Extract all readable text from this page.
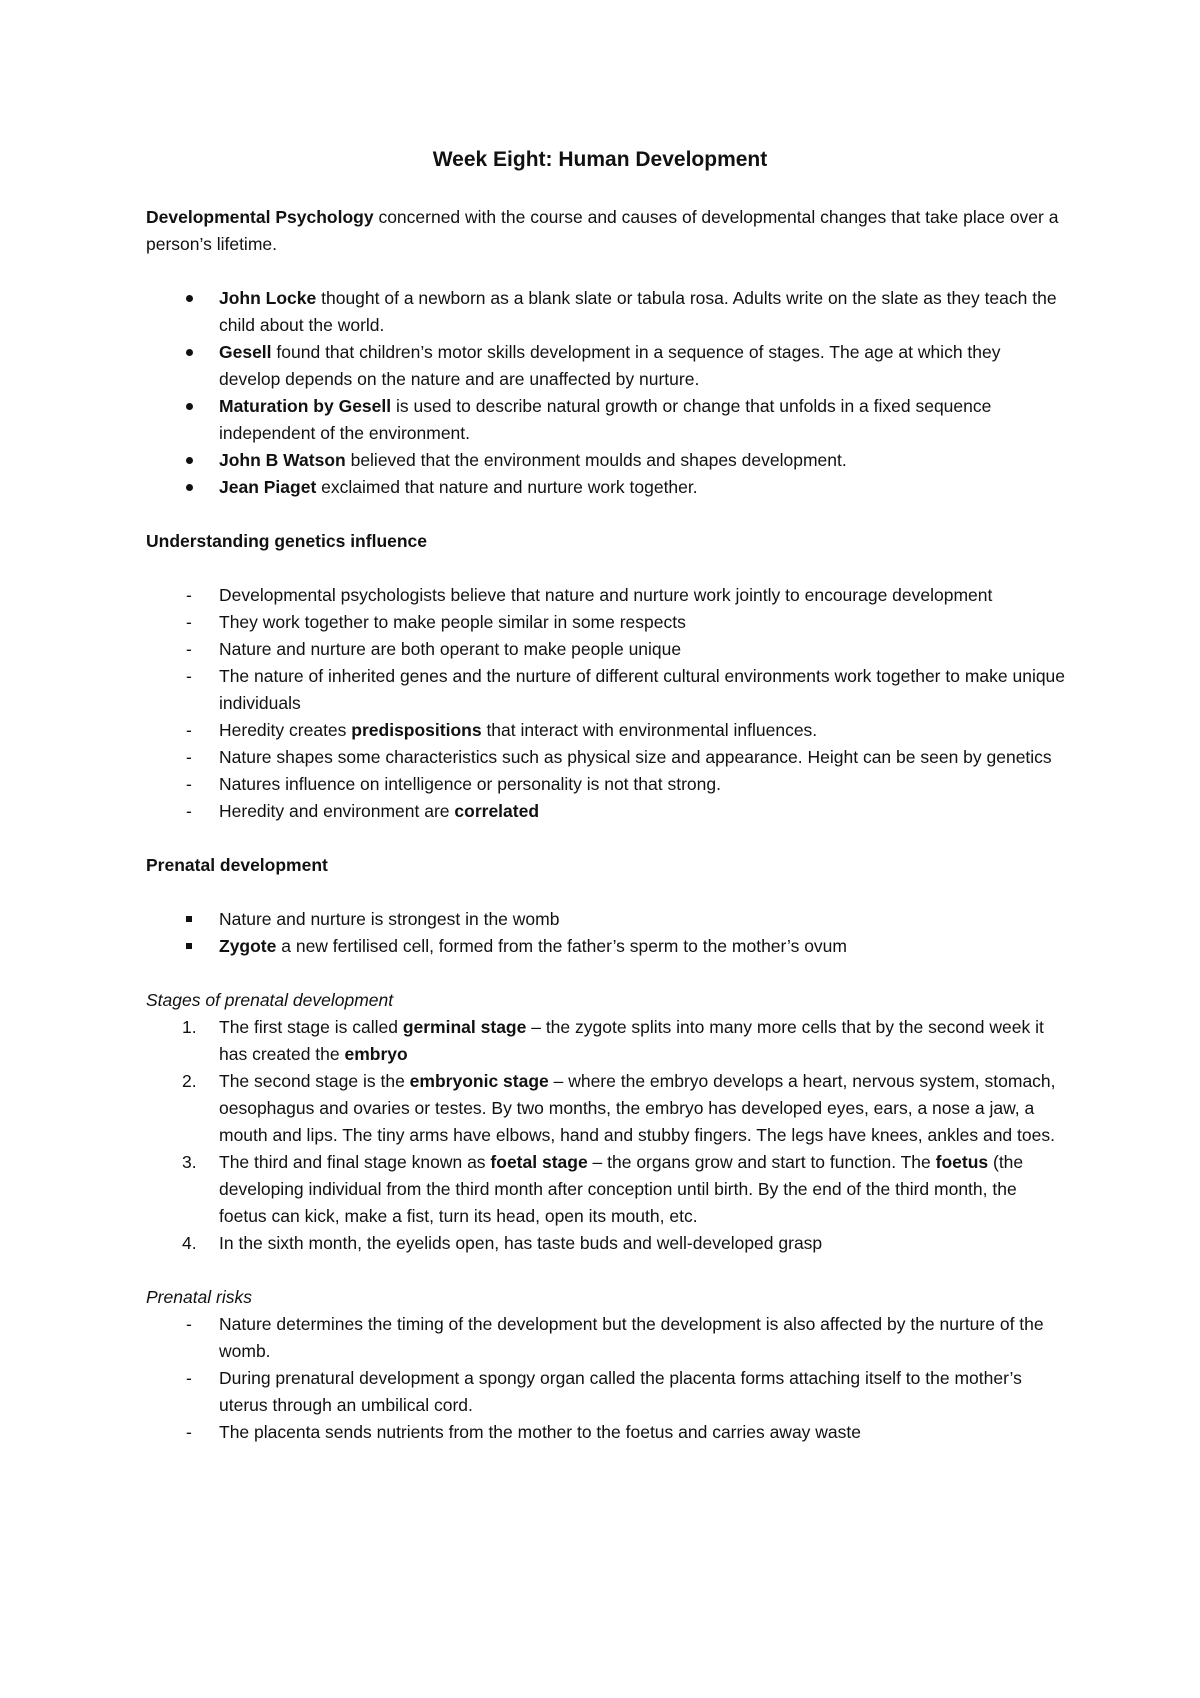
Week Eight: Human Development

Developmental Psychology concerned with the course and causes of developmental changes that take place over a person’s lifetime.

John Locke thought of a newborn as a blank slate or tabula rosa. Adults write on the slate as they teach the child about the world.
Gesell found that children’s motor skills development in a sequence of stages. The age at which they develop depends on the nature and are unaffected by nurture.
Maturation by Gesell is used to describe natural growth or change that unfolds in a fixed sequence independent of the environment.
John B Watson believed that the environment moulds and shapes development.
Jean Piaget exclaimed that nature and nurture work together.

Understanding genetics influence

-	Developmental psychologists believe that nature and nurture work jointly to encourage development
-	They work together to make people similar in some respects
-	Nature and nurture are both operant to make people unique
-	The nature of inherited genes and the nurture of different cultural environments work together to make unique individuals
-	Heredity creates predispositions that interact with environmental influences.
-	Nature shapes some characteristics such as physical size and appearance. Height can be seen by genetics
-	Natures influence on intelligence or personality is not that strong.
-	Heredity and environment are correlated

Prenatal development

Nature and nurture is strongest in the womb
Zygote a new fertilised cell, formed from the father’s sperm to the mother’s ovum

Stages of prenatal development

1.	The first stage is called germinal stage – the zygote splits into many more cells that by the second week it has created the embryo
2.	The second stage is the embryonic stage – where the embryo develops a heart, nervous system, stomach, oesophagus and ovaries or testes. By two months, the embryo has developed eyes, ears, a nose a jaw, a mouth and lips. The tiny arms have elbows, hand and stubby fingers. The legs have knees, ankles and toes.
3.	The third and final stage known as foetal stage – the organs grow and start to function. The foetus (the developing individual from the third month after conception until birth. By the end of the third month, the foetus can kick, make a fist, turn its head, open its mouth, etc.
4.	In the sixth month, the eyelids open, has taste buds and well-developed grasp

Prenatal risks

-	Nature determines the timing of the development but the development is also affected by the nurture of the womb.
-	During prenatural development a spongy organ called the placenta forms attaching itself to the mother’s uterus through an umbilical cord.
-	The placenta sends nutrients from the mother to the foetus and carries away waste
